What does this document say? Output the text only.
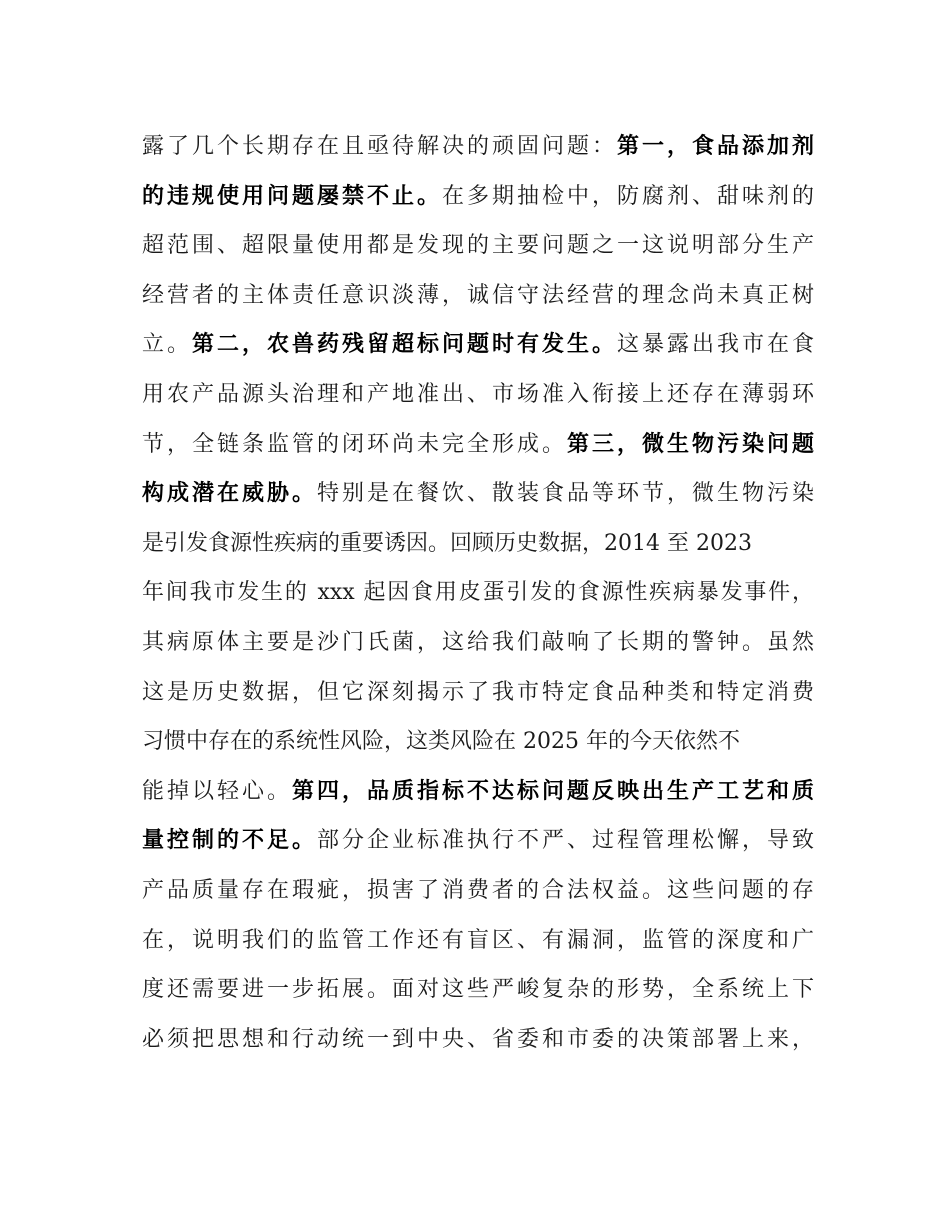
露了几个长期存在且亟待解决的顽固问题：第一，食品添加剂
的违规使用问题屡禁不止。在多期抽检中，防腐剂、甜味剂的
超范围、超限量使用都是发现的主要问题之一这说明部分生产
经营者的主体责任意识淡薄，诚信守法经营的理念尚未真正树
立。第二，农兽药残留超标问题时有发生。这暴露出我市在食
用农产品源头治理和产地准出、市场准入衔接上还存在薄弱环
节，全链条监管的闭环尚未完全形成。第三，微生物污染问题
构成潜在威胁。特别是在餐饮、散装食品等环节，微生物污染
是引发食源性疾病的重要诱因。回顾历史数据，2014 至 2023
年间我市发生的 xxx 起因食用皮蛋引发的食源性疾病暴发事件，
其病原体主要是沙门氏菌，这给我们敲响了长期的警钟。虽然
这是历史数据，但它深刻揭示了我市特定食品种类和特定消费
习惯中存在的系统性风险，这类风险在 2025 年的今天依然不
能掉以轻心。第四，品质指标不达标问题反映出生产工艺和质
量控制的不足。部分企业标准执行不严、过程管理松懈，导致
产品质量存在瑕疵，损害了消费者的合法权益。这些问题的存
在，说明我们的监管工作还有盲区、有漏洞，监管的深度和广
度还需要进一步拓展。面对这些严峻复杂的形势，全系统上下
必须把思想和行动统一到中央、省委和市委的决策部署上来，
